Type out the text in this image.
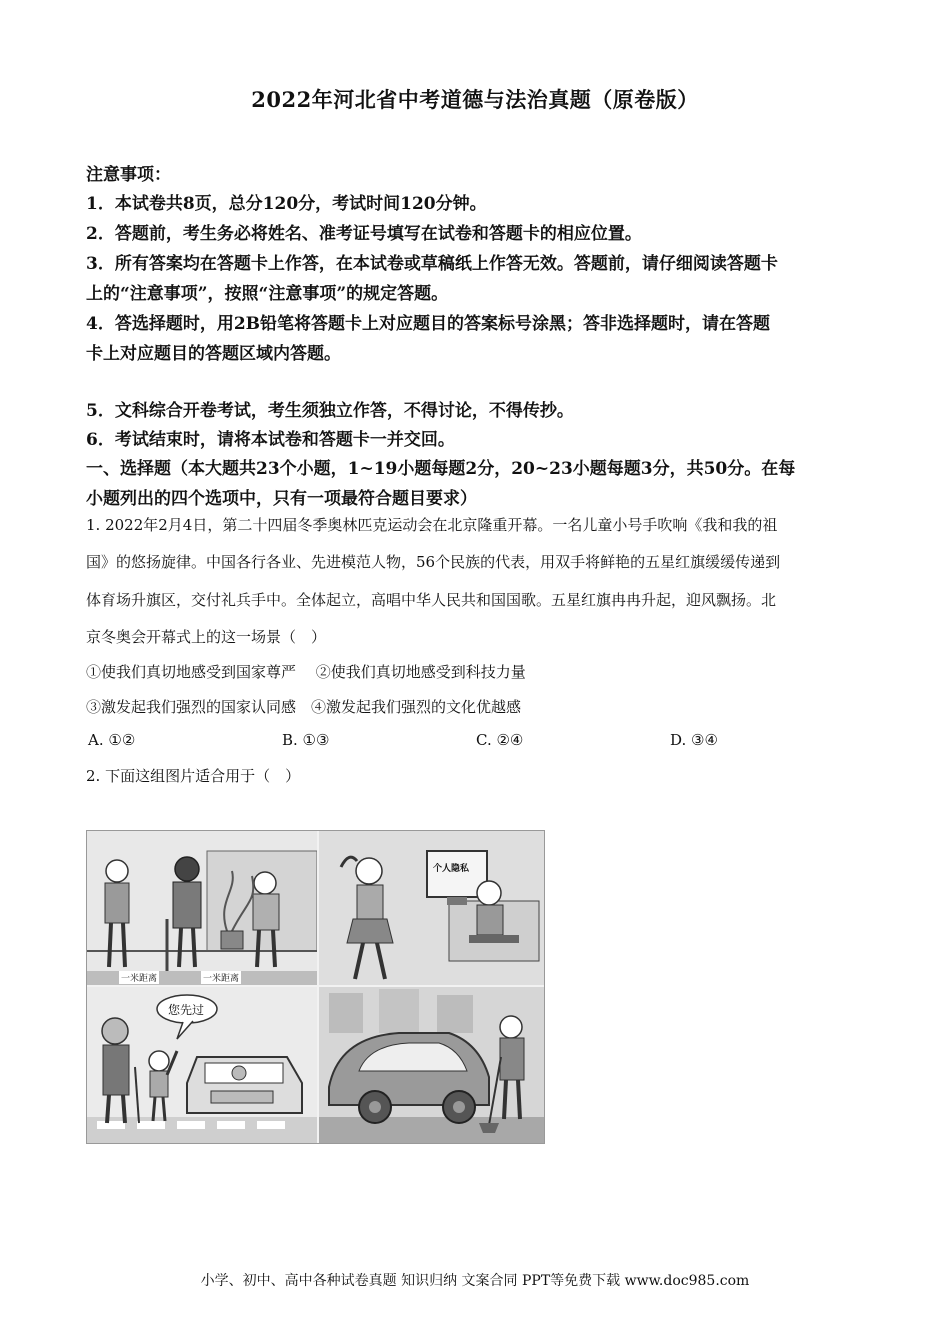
2022年河北省中考道德与法治真题（原卷版）
注意事项：
1．本试卷共8页，总分120分，考试时间120分钟。
2．答题前，考生务必将姓名、准考证号填写在试卷和答题卡的相应位置。
3．所有答案均在答题卡上作答，在本试卷或草稿纸上作答无效。答题前，请仔细阅读答题卡
上的“注意事项”，按照“注意事项”的规定答题。
4．答选择题时，用2B铅笔将答题卡上对应题目的答案标号涂黑；答非选择题时，请在答题
卡上对应题目的答题区域内答题。
5．文科综合开卷考试，考生须独立作答，不得讨论，不得传抄。
6．考试结束时，请将本试卷和答题卡一并交回。
一、选择题（本大题共23个小题，1~19小题每题2分，20~23小题每题3分，共50分。在每
小题列出的四个选项中，只有一项最符合题目要求）
1. 2022年2月4日，第二十四届冬季奥林匹克运动会在北京隆重开幕。一名儿童小号手吹响《我和我的祖
国》的悠扬旋律。中国各行各业、先进模范人物，56个民族的代表，用双手将鲜艳的五星红旗缓缓传递到
体育场升旗区，交付礼兵手中。全体起立，高唱中华人民共和国国歌。五星红旗冉冉升起，迎风飘扬。北
京冬奥会开幕式上的这一场景（　）
①使我们真切地感受到国家尊严　 ②使我们真切地感受到科技力量
③激发起我们强烈的国家认同感　④激发起我们强烈的文化优越感
A. ①②	B. ①③	C. ②④	D. ③④
2. 下面这组图片适合用于（　）
一米距离	一米距离
个人隐私
您先过
小学、初中、高中各种试卷真题 知识归纳 文案合同 PPT等免费下载 www.doc985.com
